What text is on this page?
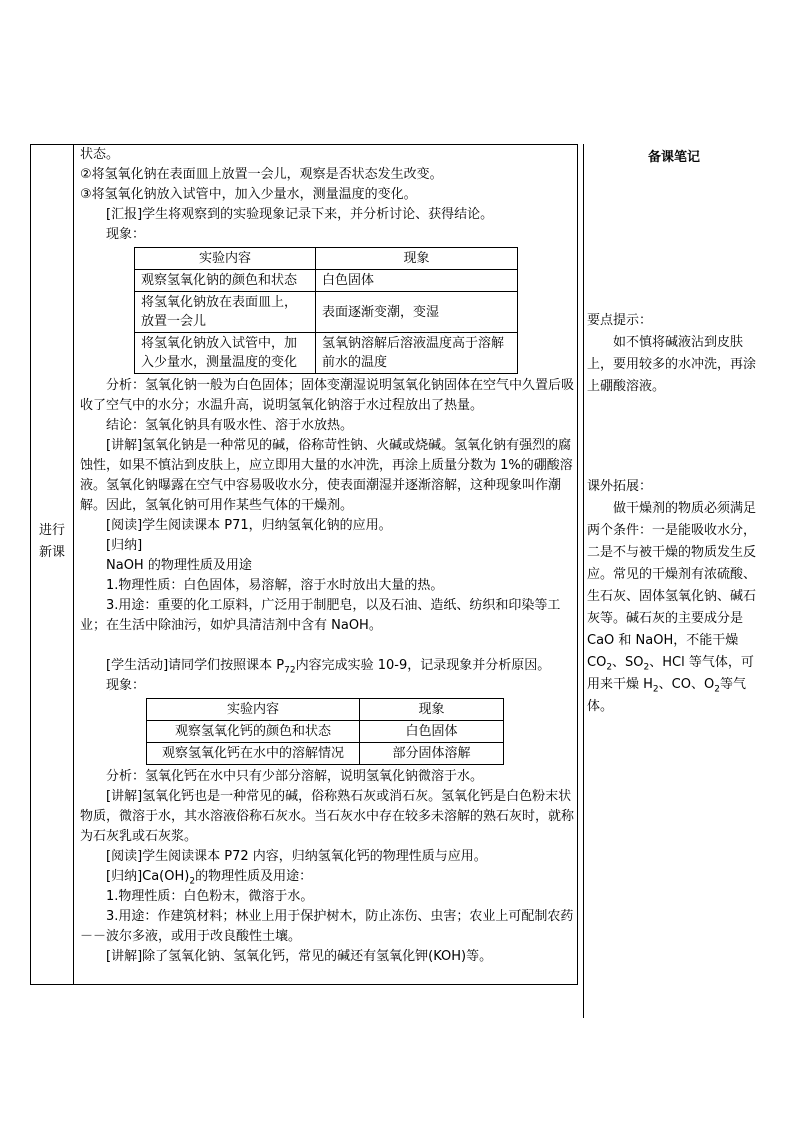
进行
新课

状态。

②将氢氧化钠在表面皿上放置一会儿，观察是否状态发生改变。

③将氢氧化钠放入试管中，加入少量水，测量温度的变化。

[汇报]学生将观察到的实验现象记录下来，并分析讨论、获得结论。

现象：

实验内容	现象
观察氢氧化钠的颜色和状态	白色固体
将氢氧化钠放在表面皿上，放置一会儿	表面逐渐变潮，变湿
将氢氧化钠放入试管中，加入少量水，测量温度的变化	氢氧钠溶解后溶液温度高于溶解前水的温度

分析：氢氧化钠一般为白色固体；固体变潮湿说明氢氧化钠固体在空气中久置后吸收了空气中的水分；水温升高，说明氢氧化钠溶于水过程放出了热量。

结论：氢氧化钠具有吸水性、溶于水放热。

[讲解]氢氧化钠是一种常见的碱，俗称苛性钠、火碱或烧碱。氢氧化钠有强烈的腐蚀性，如果不慎沾到皮肤上，应立即用大量的水冲洗，再涂上质量分数为 1%的硼酸溶液。氢氧化钠曝露在空气中容易吸收水分，使表面潮湿并逐渐溶解，这种现象叫作潮解。因此，氢氧化钠可用作某些气体的干燥剂。

[阅读]学生阅读课本 P71，归纳氢氧化钠的应用。

[归纳]

NaOH 的物理性质及用途

1.物理性质：白色固体，易溶解，溶于水时放出大量的热。

3.用途：重要的化工原料，广泛用于制肥皂，以及石油、造纸、纺织和印染等工业；在生活中除油污，如炉具清洁剂中含有 NaOH。

[学生活动]请同学们按照课本 $P_{72}$内容完成实验 10-9，记录现象并分析原因。

现象：

实验内容	现象
观察氢氧化钙的颜色和状态	白色固体
观察氢氧化钙在水中的溶解情况	部分固体溶解

分析：氢氧化钙在水中只有少部分溶解，说明氢氧化钠微溶于水。

[讲解]氢氧化钙也是一种常见的碱，俗称熟石灰或消石灰。氢氧化钙是白色粉末状物质，微溶于水，其水溶液俗称石灰水。当石灰水中存在较多未溶解的熟石灰时，就称为石灰乳或石灰浆。

[阅读]学生阅读课本 P72 内容，归纳氢氧化钙的物理性质与应用。

[归纳]$Ca(OH)_2$的物理性质及用途：

1.物理性质：白色粉末，微溶于水。

3.用途：作建筑材料；林业上用于保护树木，防止冻伤、虫害；农业上可配制农药－－波尔多液，或用于改良酸性土壤。

[讲解]除了氢氧化钠、氢氧化钙，常见的碱还有氢氧化钾(KOH)等。

备课笔记

要点提示：

如不慎将碱液沾到皮肤上，要用较多的水冲洗，再涂上硼酸溶液。

课外拓展：

做干燥剂的物质必须满足两个条件：一是能吸收水分，二是不与被干燥的物质发生反应。常见的干燥剂有浓硫酸、生石灰、固体氢氧化钠、碱石灰等。碱石灰的主要成分是 CaO 和 NaOH，不能干燥 $CO_2$、$SO_2$、HCl 等气体，可用来干燥 $H_2$、CO、$O_2$等气体。
